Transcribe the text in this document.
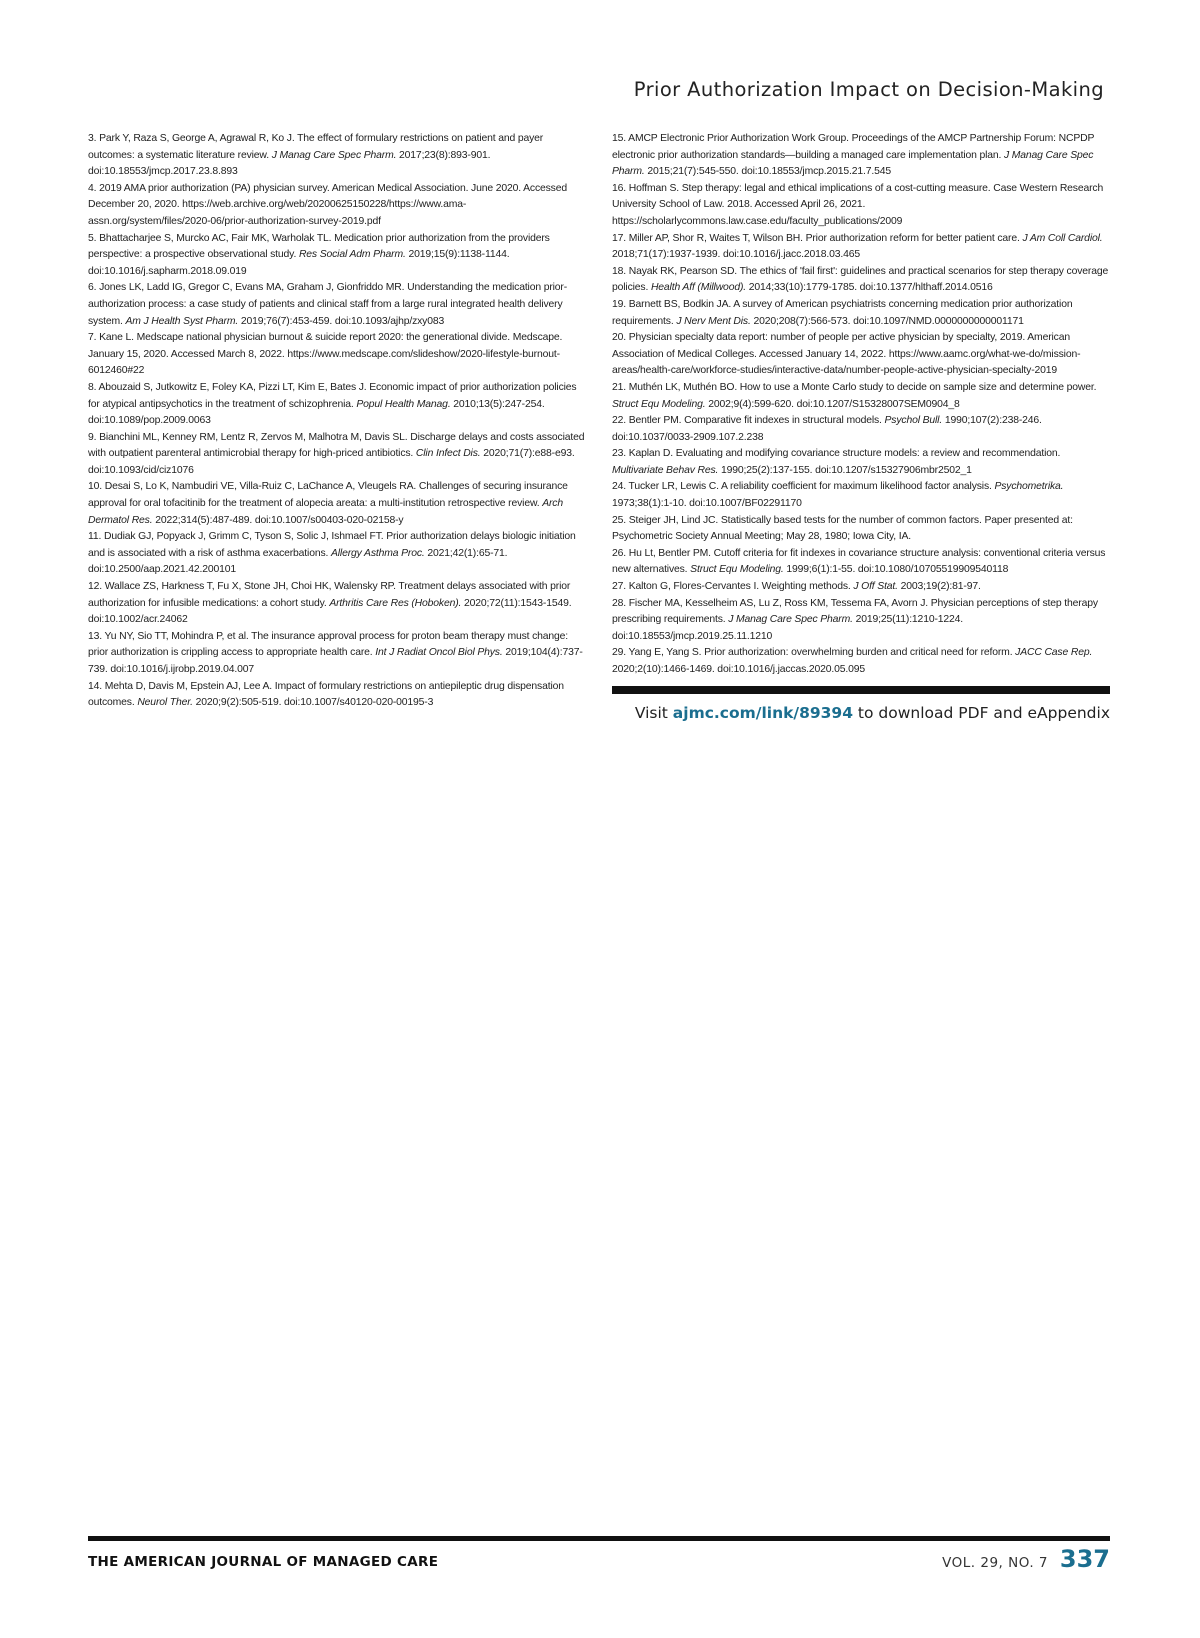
Prior Authorization Impact on Decision-Making

3. Park Y, Raza S, George A, Agrawal R, Ko J. The effect of formulary restrictions on patient and payer outcomes: a systematic literature review. J Manag Care Spec Pharm. 2017;23(8):893-901. doi:10.18553/jmcp.2017.23.8.893

4. 2019 AMA prior authorization (PA) physician survey. American Medical Association. June 2020. Accessed December 20, 2020. https://web.archive.org/web/20200625150228/https://www.ama-assn.org/system/files/2020-06/prior-authorization-survey-2019.pdf

5. Bhattacharjee S, Murcko AC, Fair MK, Warholak TL. Medication prior authorization from the providers perspective: a prospective observational study. Res Social Adm Pharm. 2019;15(9):1138-1144. doi:10.1016/j.sapharm.2018.09.019

6. Jones LK, Ladd IG, Gregor C, Evans MA, Graham J, Gionfriddo MR. Understanding the medication prior-authorization process: a case study of patients and clinical staff from a large rural integrated health delivery system. Am J Health Syst Pharm. 2019;76(7):453-459. doi:10.1093/ajhp/zxy083

7. Kane L. Medscape national physician burnout & suicide report 2020: the generational divide. Medscape. January 15, 2020. Accessed March 8, 2022. https://www.medscape.com/slideshow/2020-lifestyle-burnout-6012460#22

8. Abouzaid S, Jutkowitz E, Foley KA, Pizzi LT, Kim E, Bates J. Economic impact of prior authorization policies for atypical antipsychotics in the treatment of schizophrenia. Popul Health Manag. 2010;13(5):247-254. doi:10.1089/pop.2009.0063

9. Bianchini ML, Kenney RM, Lentz R, Zervos M, Malhotra M, Davis SL. Discharge delays and costs associated with outpatient parenteral antimicrobial therapy for high-priced antibiotics. Clin Infect Dis. 2020;71(7):e88-e93. doi:10.1093/cid/ciz1076

10. Desai S, Lo K, Nambudiri VE, Villa-Ruiz C, LaChance A, Vleugels RA. Challenges of securing insurance approval for oral tofacitinib for the treatment of alopecia areata: a multi-institution retrospective review. Arch Dermatol Res. 2022;314(5):487-489. doi:10.1007/s00403-020-02158-y

11. Dudiak GJ, Popyack J, Grimm C, Tyson S, Solic J, Ishmael FT. Prior authorization delays biologic initiation and is associated with a risk of asthma exacerbations. Allergy Asthma Proc. 2021;42(1):65-71. doi:10.2500/aap.2021.42.200101

12. Wallace ZS, Harkness T, Fu X, Stone JH, Choi HK, Walensky RP. Treatment delays associated with prior authorization for infusible medications: a cohort study. Arthritis Care Res (Hoboken). 2020;72(11):1543-1549. doi:10.1002/acr.24062

13. Yu NY, Sio TT, Mohindra P, et al. The insurance approval process for proton beam therapy must change: prior authorization is crippling access to appropriate health care. Int J Radiat Oncol Biol Phys. 2019;104(4):737-739. doi:10.1016/j.ijrobp.2019.04.007

14. Mehta D, Davis M, Epstein AJ, Lee A. Impact of formulary restrictions on antiepileptic drug dispensation outcomes. Neurol Ther. 2020;9(2):505-519. doi:10.1007/s40120-020-00195-3

15. AMCP Electronic Prior Authorization Work Group. Proceedings of the AMCP Partnership Forum: NCPDP electronic prior authorization standards—building a managed care implementation plan. J Manag Care Spec Pharm. 2015;21(7):545-550. doi:10.18553/jmcp.2015.21.7.545

16. Hoffman S. Step therapy: legal and ethical implications of a cost-cutting measure. Case Western Research University School of Law. 2018. Accessed April 26, 2021. https://scholarlycommons.law.case.edu/faculty_publications/2009

17. Miller AP, Shor R, Waites T, Wilson BH. Prior authorization reform for better patient care. J Am Coll Cardiol. 2018;71(17):1937-1939. doi:10.1016/j.jacc.2018.03.465

18. Nayak RK, Pearson SD. The ethics of 'fail first': guidelines and practical scenarios for step therapy coverage policies. Health Aff (Millwood). 2014;33(10):1779-1785. doi:10.1377/hlthaff.2014.0516

19. Barnett BS, Bodkin JA. A survey of American psychiatrists concerning medication prior authorization requirements. J Nerv Ment Dis. 2020;208(7):566-573. doi:10.1097/NMD.0000000000001171

20. Physician specialty data report: number of people per active physician by specialty, 2019. American Association of Medical Colleges. Accessed January 14, 2022. https://www.aamc.org/what-we-do/mission-areas/health-care/workforce-studies/interactive-data/number-people-active-physician-specialty-2019

21. Muthén LK, Muthén BO. How to use a Monte Carlo study to decide on sample size and determine power. Struct Equ Modeling. 2002;9(4):599-620. doi:10.1207/S15328007SEM0904_8

22. Bentler PM. Comparative fit indexes in structural models. Psychol Bull. 1990;107(2):238-246. doi:10.1037/0033-2909.107.2.238

23. Kaplan D. Evaluating and modifying covariance structure models: a review and recommendation. Multivariate Behav Res. 1990;25(2):137-155. doi:10.1207/s15327906mbr2502_1

24. Tucker LR, Lewis C. A reliability coefficient for maximum likelihood factor analysis. Psychometrika. 1973;38(1):1-10. doi:10.1007/BF02291170

25. Steiger JH, Lind JC. Statistically based tests for the number of common factors. Paper presented at: Psychometric Society Annual Meeting; May 28, 1980; Iowa City, IA.

26. Hu Lt, Bentler PM. Cutoff criteria for fit indexes in covariance structure analysis: conventional criteria versus new alternatives. Struct Equ Modeling. 1999;6(1):1-55. doi:10.1080/10705519909540118

27. Kalton G, Flores-Cervantes I. Weighting methods. J Off Stat. 2003;19(2):81-97.

28. Fischer MA, Kesselheim AS, Lu Z, Ross KM, Tessema FA, Avorn J. Physician perceptions of step therapy prescribing requirements. J Manag Care Spec Pharm. 2019;25(11):1210-1224. doi:10.18553/jmcp.2019.25.11.1210

29. Yang E, Yang S. Prior authorization: overwhelming burden and critical need for reform. JACC Case Rep. 2020;2(10):1466-1469. doi:10.1016/j.jaccas.2020.05.095

Visit ajmc.com/link/89394 to download PDF and eAppendix
THE AMERICAN JOURNAL OF MANAGED CARE	VOL. 29, NO. 7 337
